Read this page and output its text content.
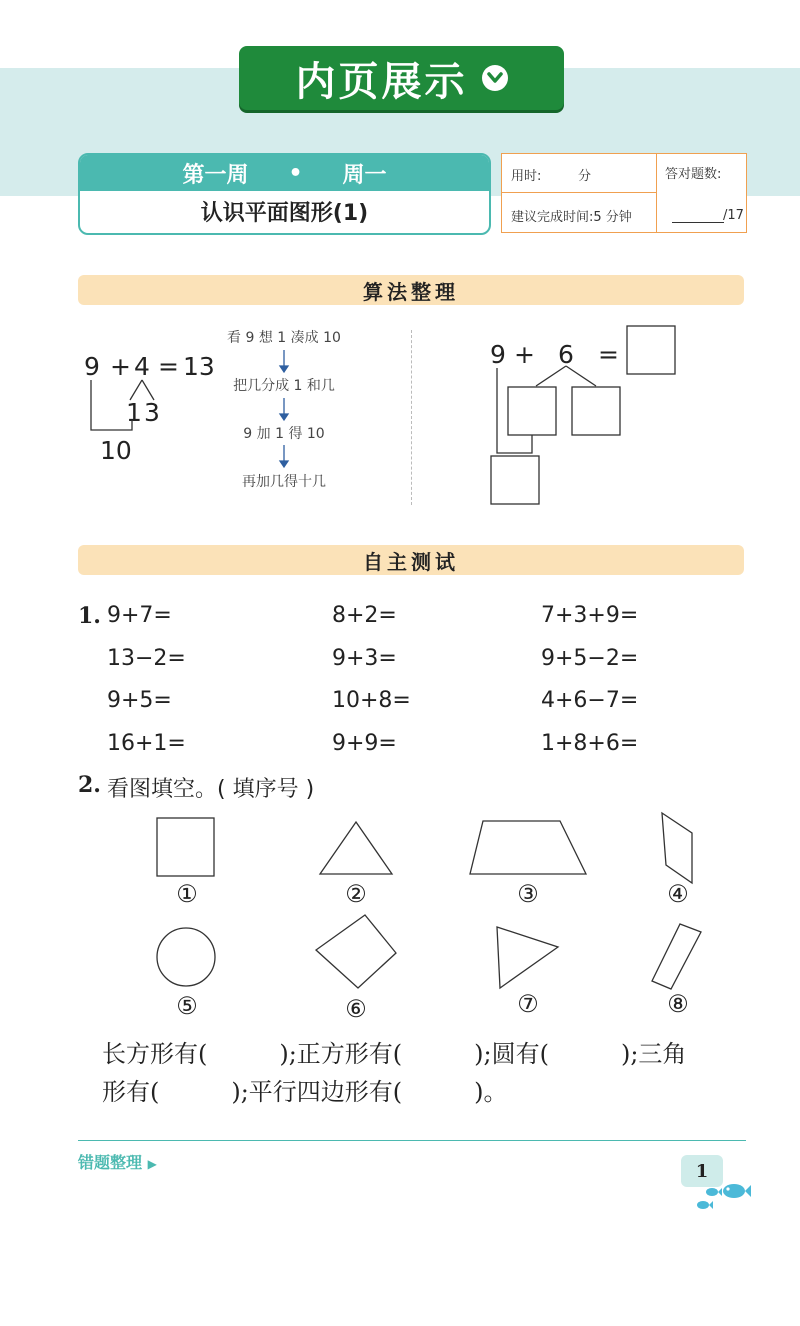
内页展示
第一周 • 周一
认识平面图形(1)
用时:	分
建议完成时间:5 分钟
答对题数:
/17
算法整理
9 + 4 = 13
1 3
10
看 9 想 1 凑成 10
把几分成 1 和几
9 加 1 得 10
再加几得十几
9 + 6 =
自主测试
1. 9+7=	8+2=	7+3+9=
13−2=	9+3=	9+5−2=
9+5=	10+8=	4+6−7=
16+1=	9+9=	1+8+6=
2. 看图填空。( 填序号 )
①	②	③	④
⑤	⑥	⑦	⑧
长方形有(　　　);正方形有(　　　);圆有(　　　);三角
形有(　　　);平行四边形有(　　　)。
错题整理 ▶	1
